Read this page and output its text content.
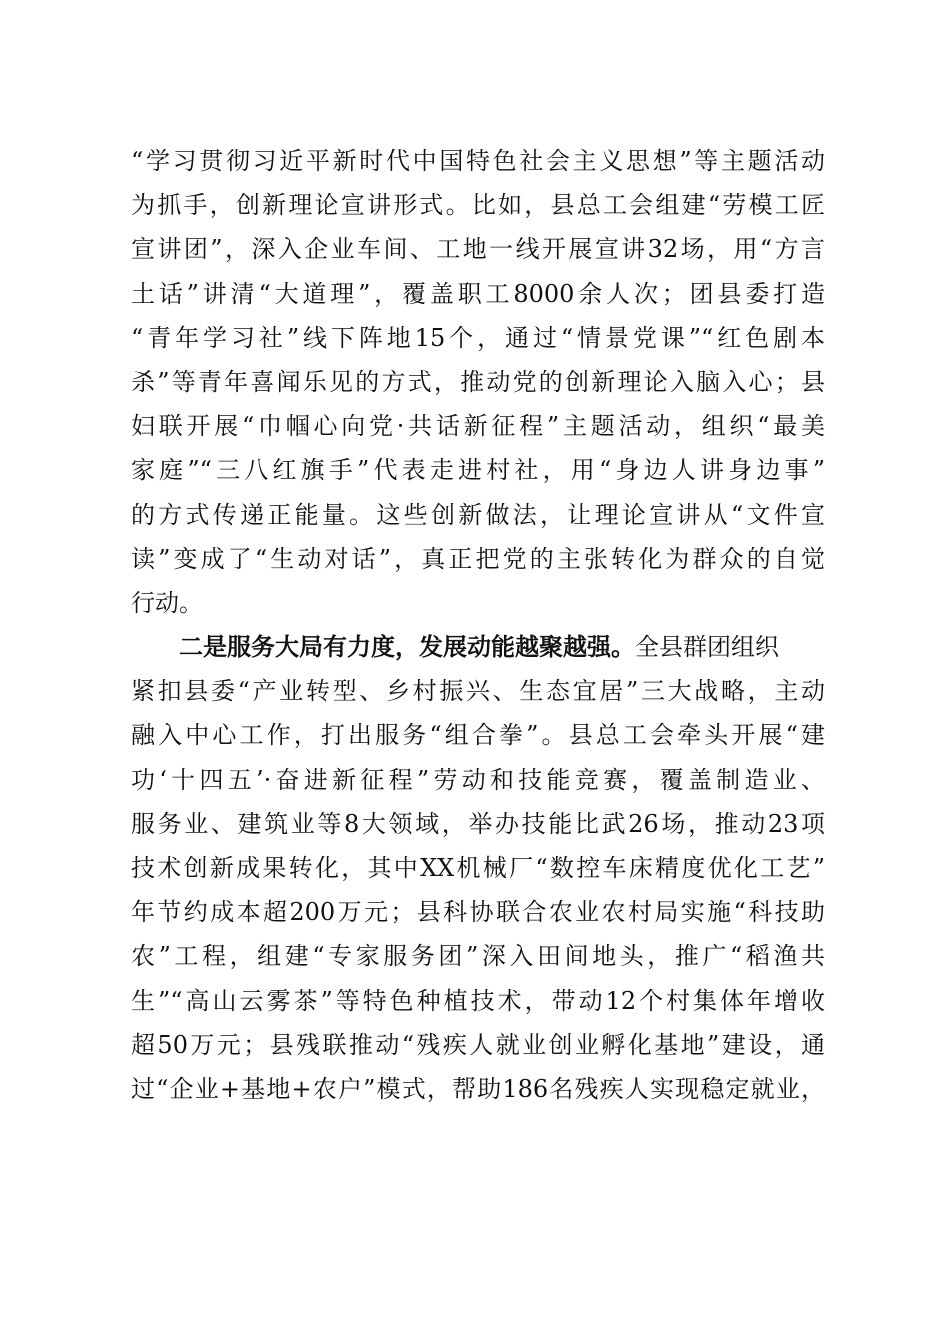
“学习贯彻习近平新时代中国特色社会主义思想”等主题活动
为抓手，创新理论宣讲形式。比如，县总工会组建“劳模工匠
宣讲团”，深入企业车间、工地一线开展宣讲32场，用“方言
土话”讲清“大道理”，覆盖职工8000余人次；团县委打造
“青年学习社”线下阵地15个，通过“情景党课”“红色剧本
杀”等青年喜闻乐见的方式，推动党的创新理论入脑入心；县
妇联开展“巾帼心向党·共话新征程”主题活动，组织“最美
家庭”“三八红旗手”代表走进村社，用“身边人讲身边事”
的方式传递正能量。这些创新做法，让理论宣讲从“文件宣
读”变成了“生动对话”，真正把党的主张转化为群众的自觉
行动。
二是服务大局有力度，发展动能越聚越强。全县群团组织
紧扣县委“产业转型、乡村振兴、生态宜居”三大战略，主动
融入中心工作，打出服务“组合拳”。县总工会牵头开展“建
功‘十四五’·奋进新征程”劳动和技能竞赛，覆盖制造业、
服务业、建筑业等8大领域，举办技能比武26场，推动23项
技术创新成果转化，其中XX机械厂“数控车床精度优化工艺”
年节约成本超200万元；县科协联合农业农村局实施“科技助
农”工程，组建“专家服务团”深入田间地头，推广“稻渔共
生”“高山云雾茶”等特色种植技术，带动12个村集体年增收
超50万元；县残联推动“残疾人就业创业孵化基地”建设，通
过“企业+基地+农户”模式，帮助186名残疾人实现稳定就业，
